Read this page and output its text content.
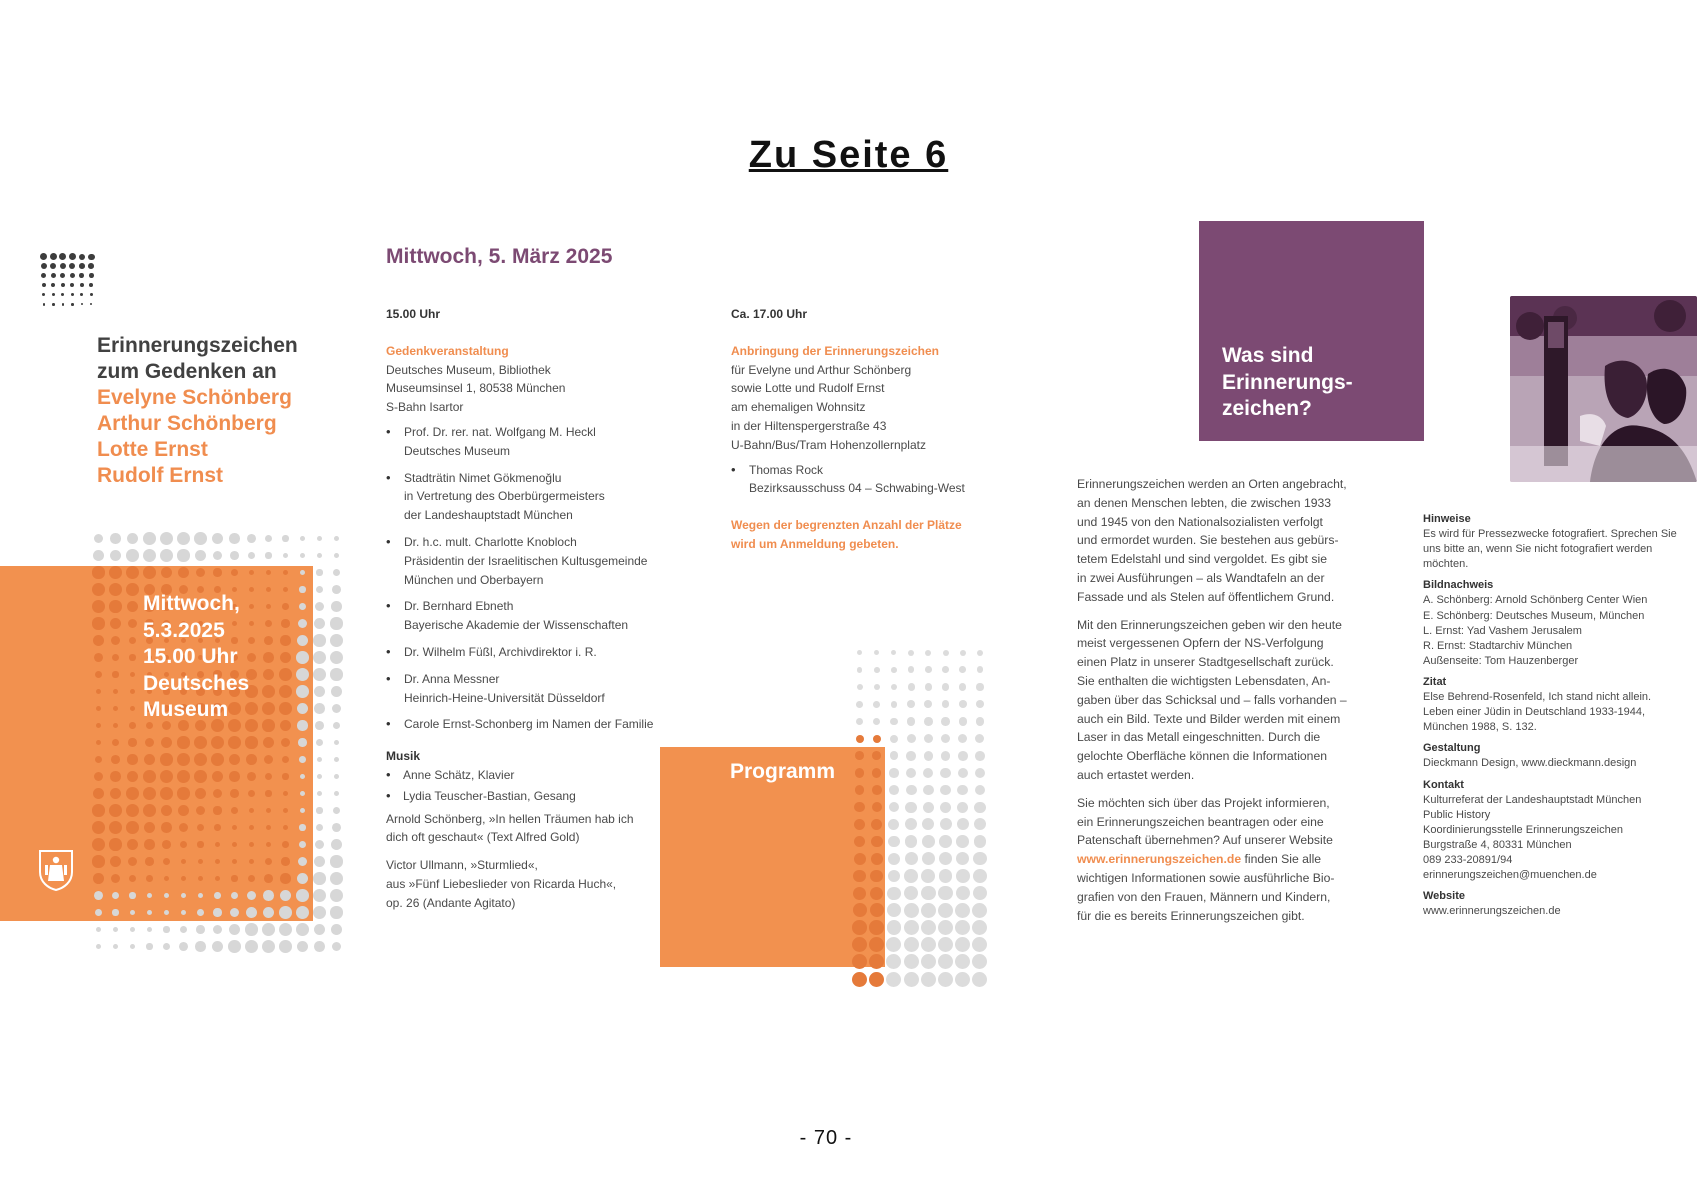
Zu Seite 6
Erinnerungszeichen
zum Gedenken an
Evelyne Schönberg
Arthur Schönberg
Lotte Ernst
Rudolf Ernst
Mittwoch,
5.3.2025
15.00 Uhr
Deutsches
Museum
Mittwoch, 5. März 2025

15.00 Uhr

Gedenkveranstaltung

Deutsches Museum, Bibliothek

Museumsinsel 1, 80538 München

S-Bahn Isartor

• Prof. Dr. rer. nat. Wolfgang M. Heckl
Deutsches Museum
• Stadträtin Nimet Gökmenoğlu
in Vertretung des Oberbürgermeisters
der Landeshauptstadt München
• Dr. h.c. mult. Charlotte Knobloch
Präsidentin der Israelitischen Kultusgemeinde
München und Oberbayern
• Dr. Bernhard Ebneth
Bayerische Akademie der Wissenschaften
• Dr. Wilhelm Füßl, Archivdirektor i. R.
• Dr. Anna Messner
Heinrich-Heine-Universität Düsseldorf
• Carole Ernst-Schonberg im Namen der Familie

Musik

• Anne Schätz, Klavier
• Lydia Teuscher-Bastian, Gesang

Arnold Schönberg, »In hellen Träumen hab ich

dich oft geschaut« (Text Alfred Gold)

Victor Ullmann, »Sturmlied«,

aus »Fünf Liebeslieder von Ricarda Huch«,

op. 26 (Andante Agitato)

Ca. 17.00 Uhr

Anbringung der Erinnerungszeichen

für Evelyne und Arthur Schönberg

sowie Lotte und Rudolf Ernst

am ehemaligen Wohnsitz

in der Hiltenspergerstraße 43

U-Bahn/Bus/Tram Hohenzollernplatz

• Thomas Rock
Bezirksausschuss 04 – Schwabing-West

Wegen der begrenzten Anzahl der Plätze

wird um Anmeldung gebeten.

Programm
Was sind
Erinnerungs-
zeichen?

Erinnerungszeichen werden an Orten angebracht,

an denen Menschen lebten, die zwischen 1933

und 1945 von den Nationalsozialisten verfolgt

und ermordet wurden. Sie bestehen aus gebürs-

tetem Edelstahl und sind vergoldet. Es gibt sie

in zwei Ausführungen – als Wandtafeln an der

Fassade und als Stelen auf öffentlichem Grund.

Mit den Erinnerungszeichen geben wir den heute

meist vergessenen Opfern der NS-Verfolgung

einen Platz in unserer Stadtgesellschaft zurück.

Sie enthalten die wichtigsten Lebensdaten, An-

gaben über das Schicksal und – falls vorhanden –

auch ein Bild. Texte und Bilder werden mit einem

Laser in das Metall eingeschnitten. Durch die

gelochte Oberfläche können die Informationen

auch ertastet werden.

Sie möchten sich über das Projekt informieren,

ein Erinnerungszeichen beantragen oder eine

Patenschaft übernehmen? Auf unserer Website

www.erinnerungszeichen.de finden Sie alle

wichtigen Informationen sowie ausführliche Bio-

grafien von den Frauen, Männern und Kindern,

für die es bereits Erinnerungszeichen gibt.

Hinweise
Es wird für Pressezwecke fotografiert. Sprechen Sie
uns bitte an, wenn Sie nicht fotografiert werden
möchten.
Bildnachweis
A. Schönberg: Arnold Schönberg Center Wien
E. Schönberg: Deutsches Museum, München
L. Ernst: Yad Vashem Jerusalem
R. Ernst: Stadtarchiv München
Außenseite: Tom Hauzenberger
Zitat
Else Behrend-Rosenfeld, Ich stand nicht allein.
Leben einer Jüdin in Deutschland 1933-1944,
München 1988, S. 132.
Gestaltung
Dieckmann Design, www.dieckmann.design
Kontakt
Kulturreferat der Landeshauptstadt München
Public History
Koordinierungsstelle Erinnerungszeichen
Burgstraße 4, 80331 München
089 233-20891/94
erinnerungszeichen@muenchen.de
Website
www.erinnerungszeichen.de
- 70 -
